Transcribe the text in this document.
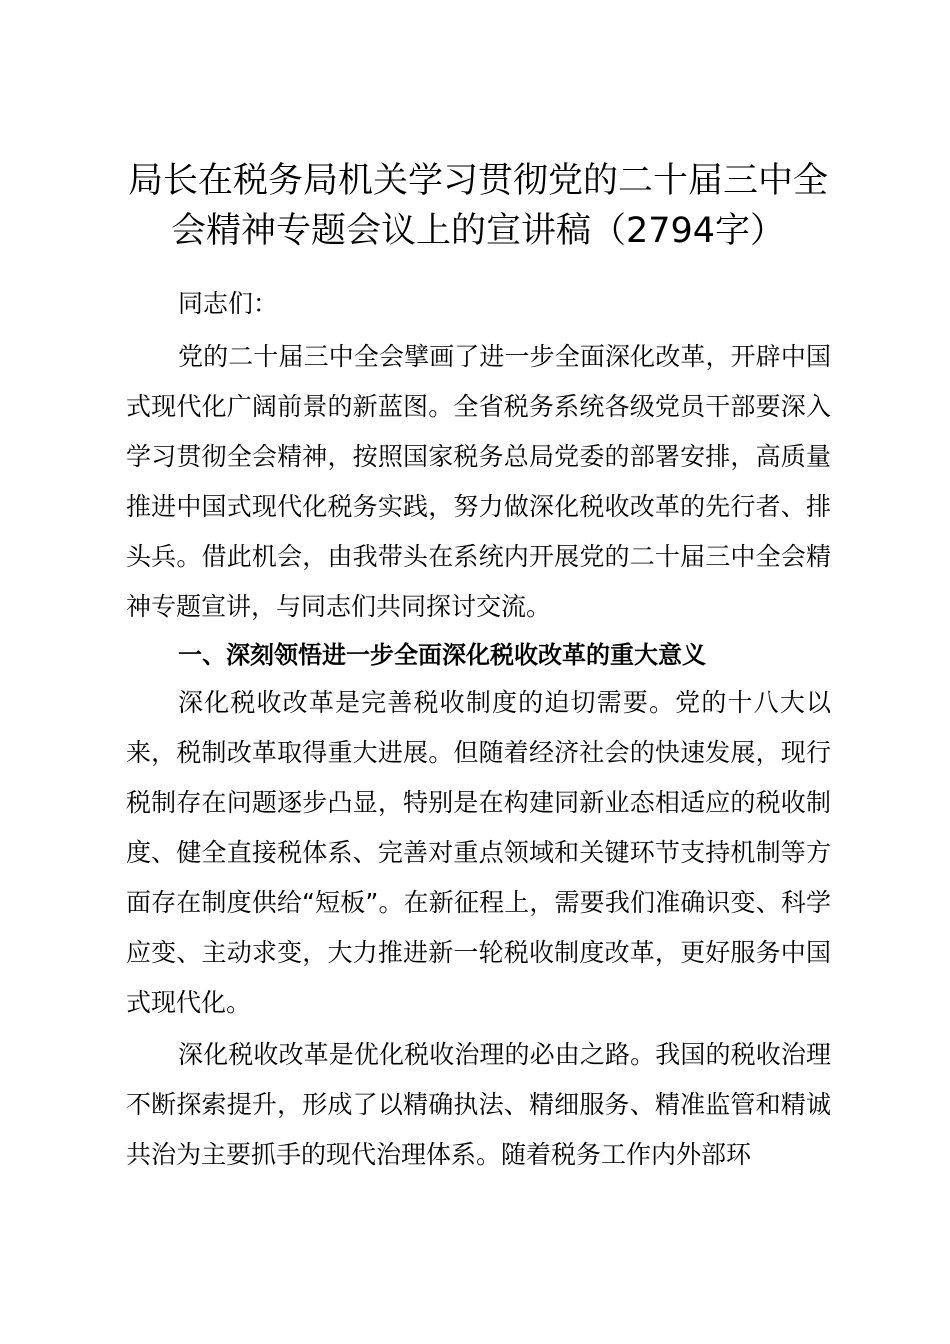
局长在税务局机关学习贯彻党的二十届三中全会精神专题会议上的宣讲稿（2794字）

同志们：

党的二十届三中全会擘画了进一步全面深化改革，开辟中国式现代化广阔前景的新蓝图。全省税务系统各级党员干部要深入学习贯彻全会精神，按照国家税务总局党委的部署安排，高质量推进中国式现代化税务实践，努力做深化税收改革的先行者、排头兵。借此机会，由我带头在系统内开展党的二十届三中全会精神专题宣讲，与同志们共同探讨交流。

一、深刻领悟进一步全面深化税收改革的重大意义

深化税收改革是完善税收制度的迫切需要。党的十八大以来，税制改革取得重大进展。但随着经济社会的快速发展，现行税制存在问题逐步凸显，特别是在构建同新业态相适应的税收制度、健全直接税体系、完善对重点领域和关键环节支持机制等方面存在制度供给“短板”。在新征程上，需要我们准确识变、科学应变、主动求变，大力推进新一轮税收制度改革，更好服务中国式现代化。

深化税收改革是优化税收治理的必由之路。我国的税收治理不断探索提升，形成了以精确执法、精细服务、精准监管和精诚共治为主要抓手的现代治理体系。随着税务工作内外部环
